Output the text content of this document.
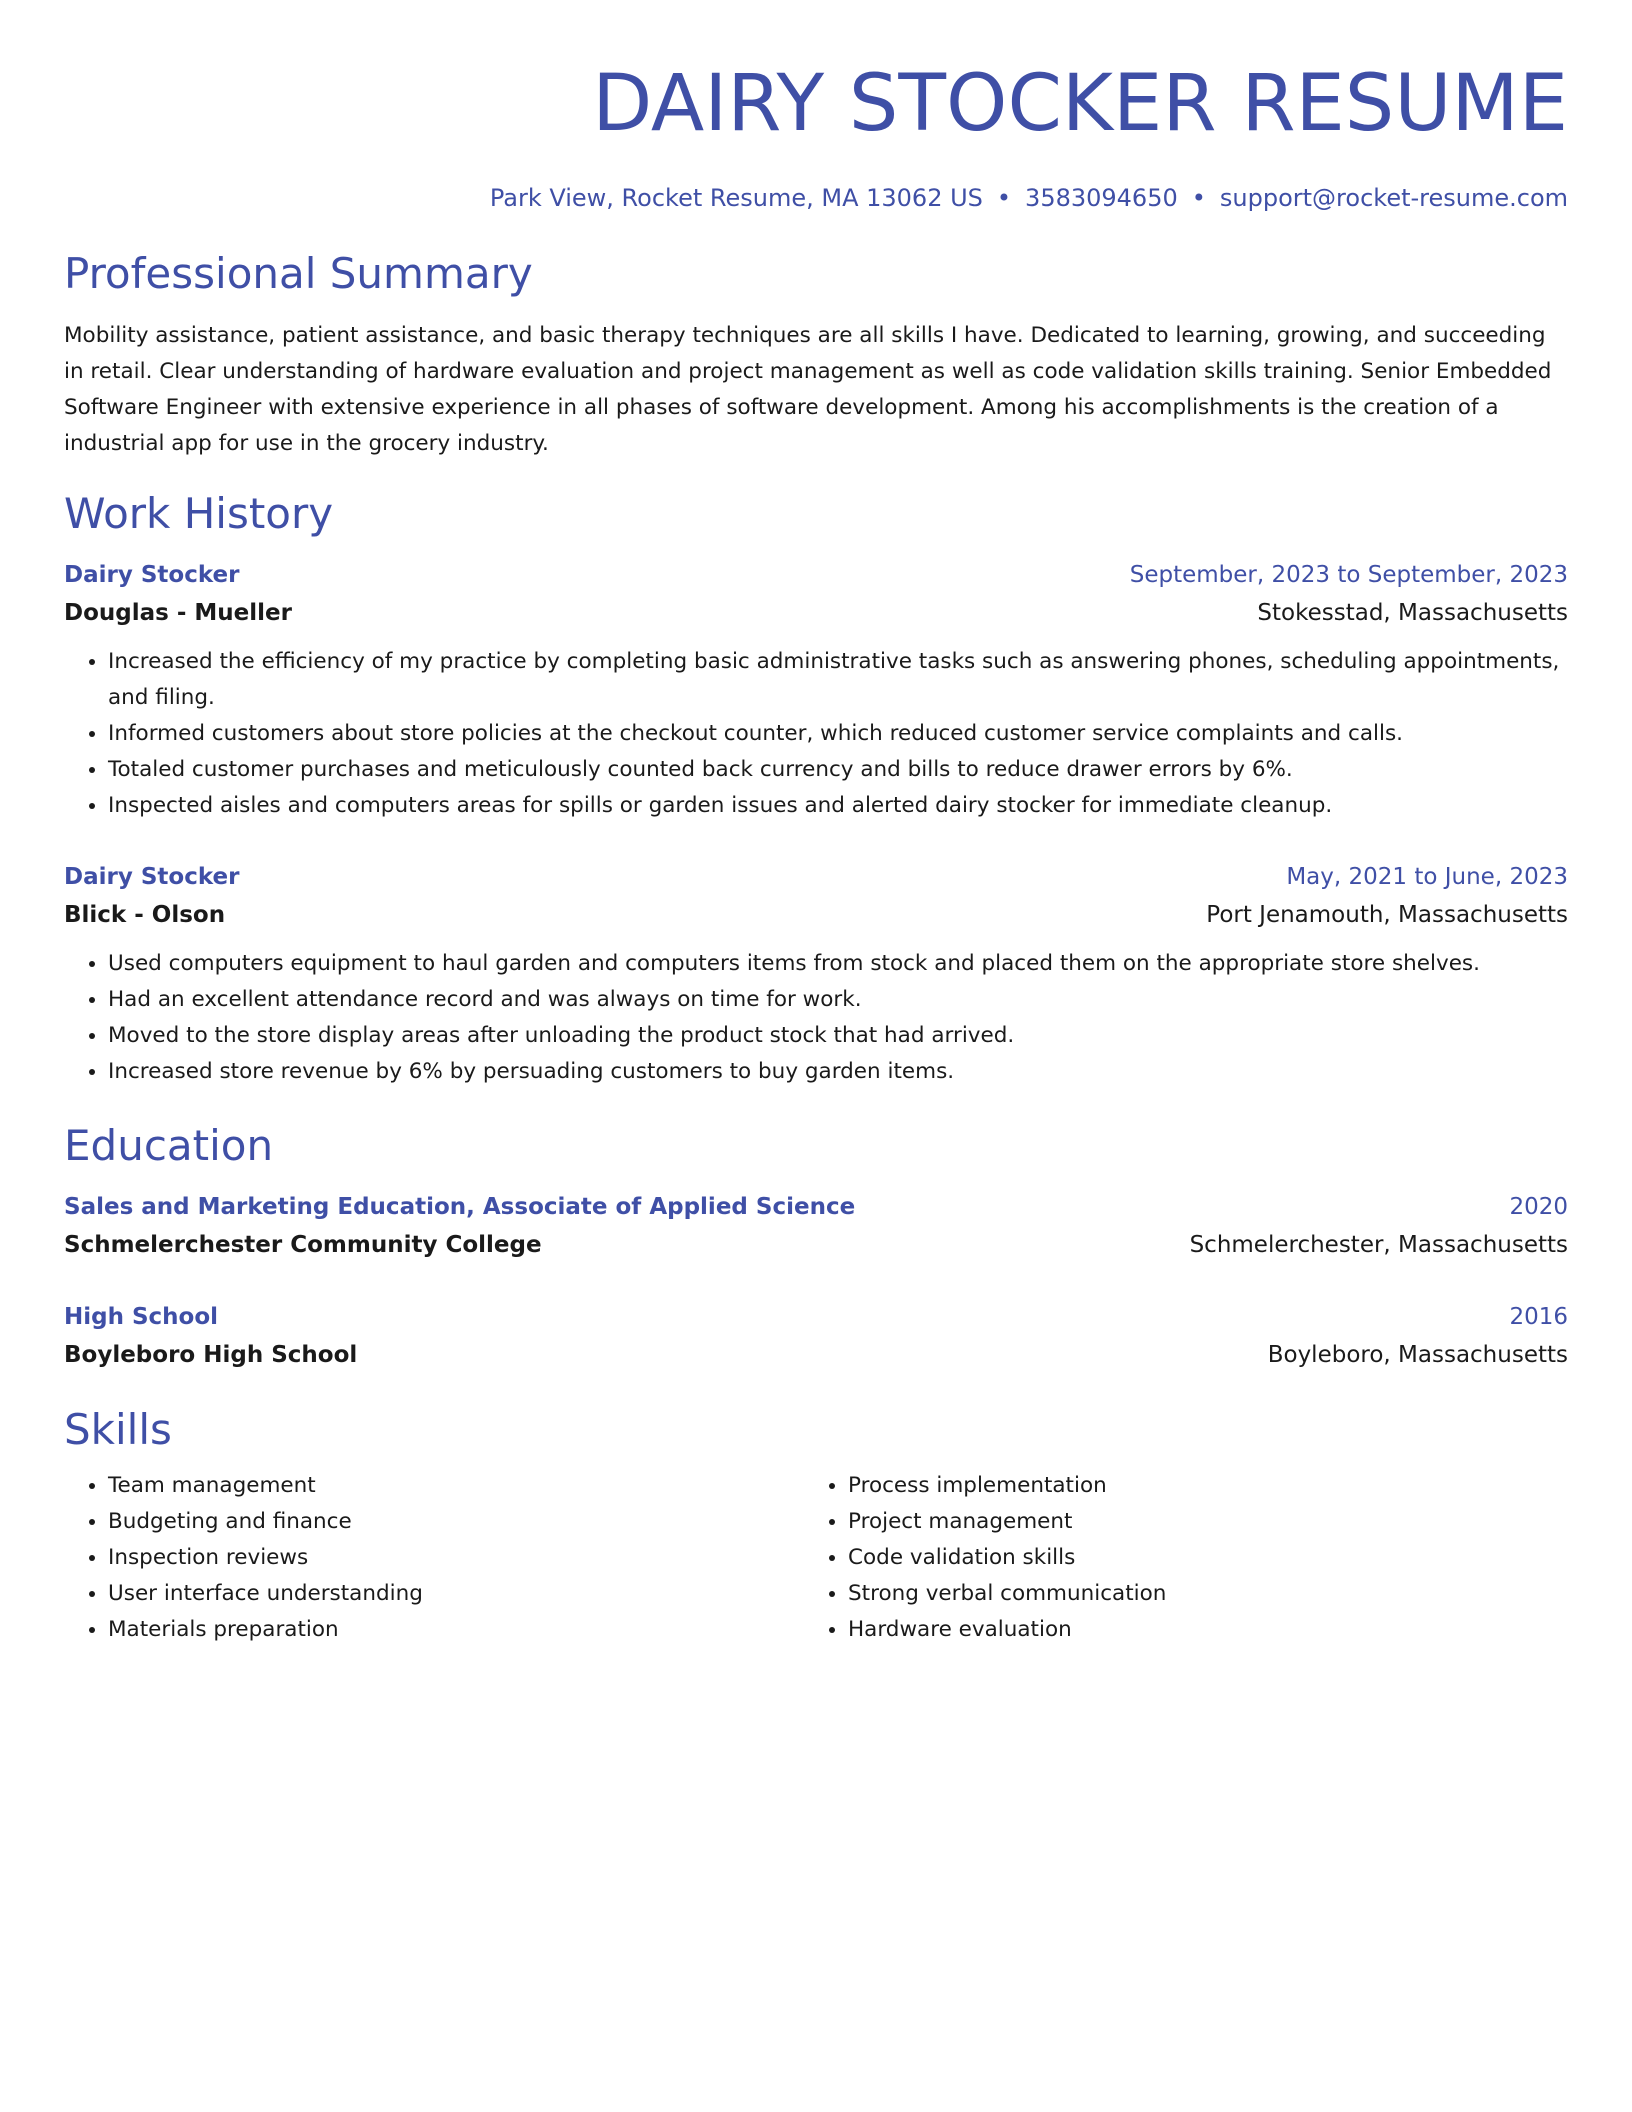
DAIRY STOCKER RESUME
Park View, Rocket Resume, MA 13062 US • 3583094650 • support@rocket-resume.com
Professional Summary
Mobility assistance, patient assistance, and basic therapy techniques are all skills I have. Dedicated to learning, growing, and succeeding in retail. Clear understanding of hardware evaluation and project management as well as code validation skills training. Senior Embedded Software Engineer with extensive experience in all phases of software development. Among his accomplishments is the creation of a industrial app for use in the grocery industry.
Work History
Dairy Stocker	September, 2023 to September, 2023
Douglas - Mueller	Stokesstad, Massachusetts
• Increased the efficiency of my practice by completing basic administrative tasks such as answering phones, scheduling appointments, and filing.
• Informed customers about store policies at the checkout counter, which reduced customer service complaints and calls.
• Totaled customer purchases and meticulously counted back currency and bills to reduce drawer errors by 6%.
• Inspected aisles and computers areas for spills or garden issues and alerted dairy stocker for immediate cleanup.
Dairy Stocker	May, 2021 to June, 2023
Blick - Olson	Port Jenamouth, Massachusetts
• Used computers equipment to haul garden and computers items from stock and placed them on the appropriate store shelves.
• Had an excellent attendance record and was always on time for work.
• Moved to the store display areas after unloading the product stock that had arrived.
• Increased store revenue by 6% by persuading customers to buy garden items.
Education
Sales and Marketing Education, Associate of Applied Science	2020
Schmelerchester Community College	Schmelerchester, Massachusetts
High School	2016
Boyleboro High School	Boyleboro, Massachusetts
Skills
• Team management
• Budgeting and finance
• Inspection reviews
• User interface understanding
• Materials preparation
• Process implementation
• Project management
• Code validation skills
• Strong verbal communication
• Hardware evaluation
